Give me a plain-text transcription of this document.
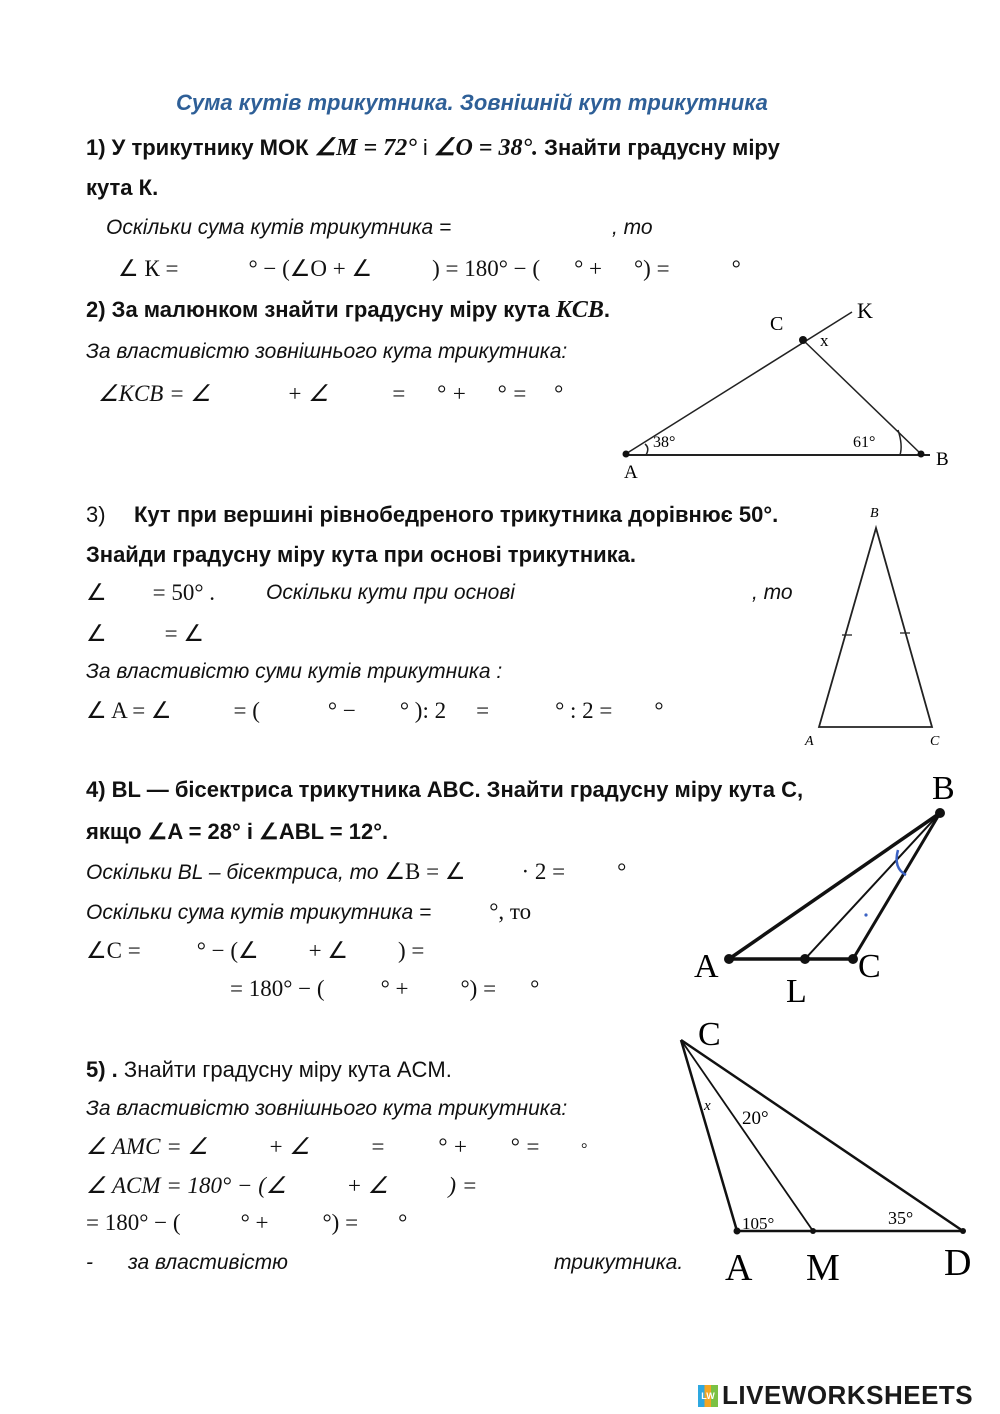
Сума кутів трикутника. Зовнішній кут трикутника
1) У трикутнику МОК ∠M = 72° і ∠O = 38°. Знайти градусну міру
кута К.
Оскільки сума кутів трикутника =	, то
∠ К =	° − (∠O + ∠	) = 180° − ( ° + °) =	°
2) За малюнком знайти градусну міру кута KCB.
За властивістю зовнішнього кута трикутника:
∠KCB = ∠	+ ∠	= ° + ° = °
C
K
x
A
B
38°	61°
3) Кут при вершині рівнобедреного трикутника дорівнює 50°.
Знайди градусну міру кута при основі трикутника.
∠ = 50° . Оскільки кути при основі	, то
∠	= ∠
За властивістю суми кутів трикутника :
∠ A = ∠	= (	° − ° ): 2 =	° : 2 = °
B
A	C
4) BL — бісектриса трикутника ABC. Знайти градусну міру кута С,
якщо ∠A = 28° і ∠ABL = 12°.
Оскільки BL – бісектриса, то ∠B = ∠ · 2 = °
Оскільки сума кутів трикутника =	°, то
∠C = ° − (∠ + ∠ ) =
= 180° − ( ° + °) = °
A
L
C
B
5) . Знайти градусну міру кута ACM.
За властивістю зовнішнього кута трикутника:
∠ AMC = ∠	+ ∠	= ° + ° =	°
∠ ACM = 180° − (∠	+ ∠	) =
= 180° − (	° + °) = °
- за властивістю	трикутника.
C
x
20°
105°	35°
A M	D
LW LIVEWORKSHEETS
